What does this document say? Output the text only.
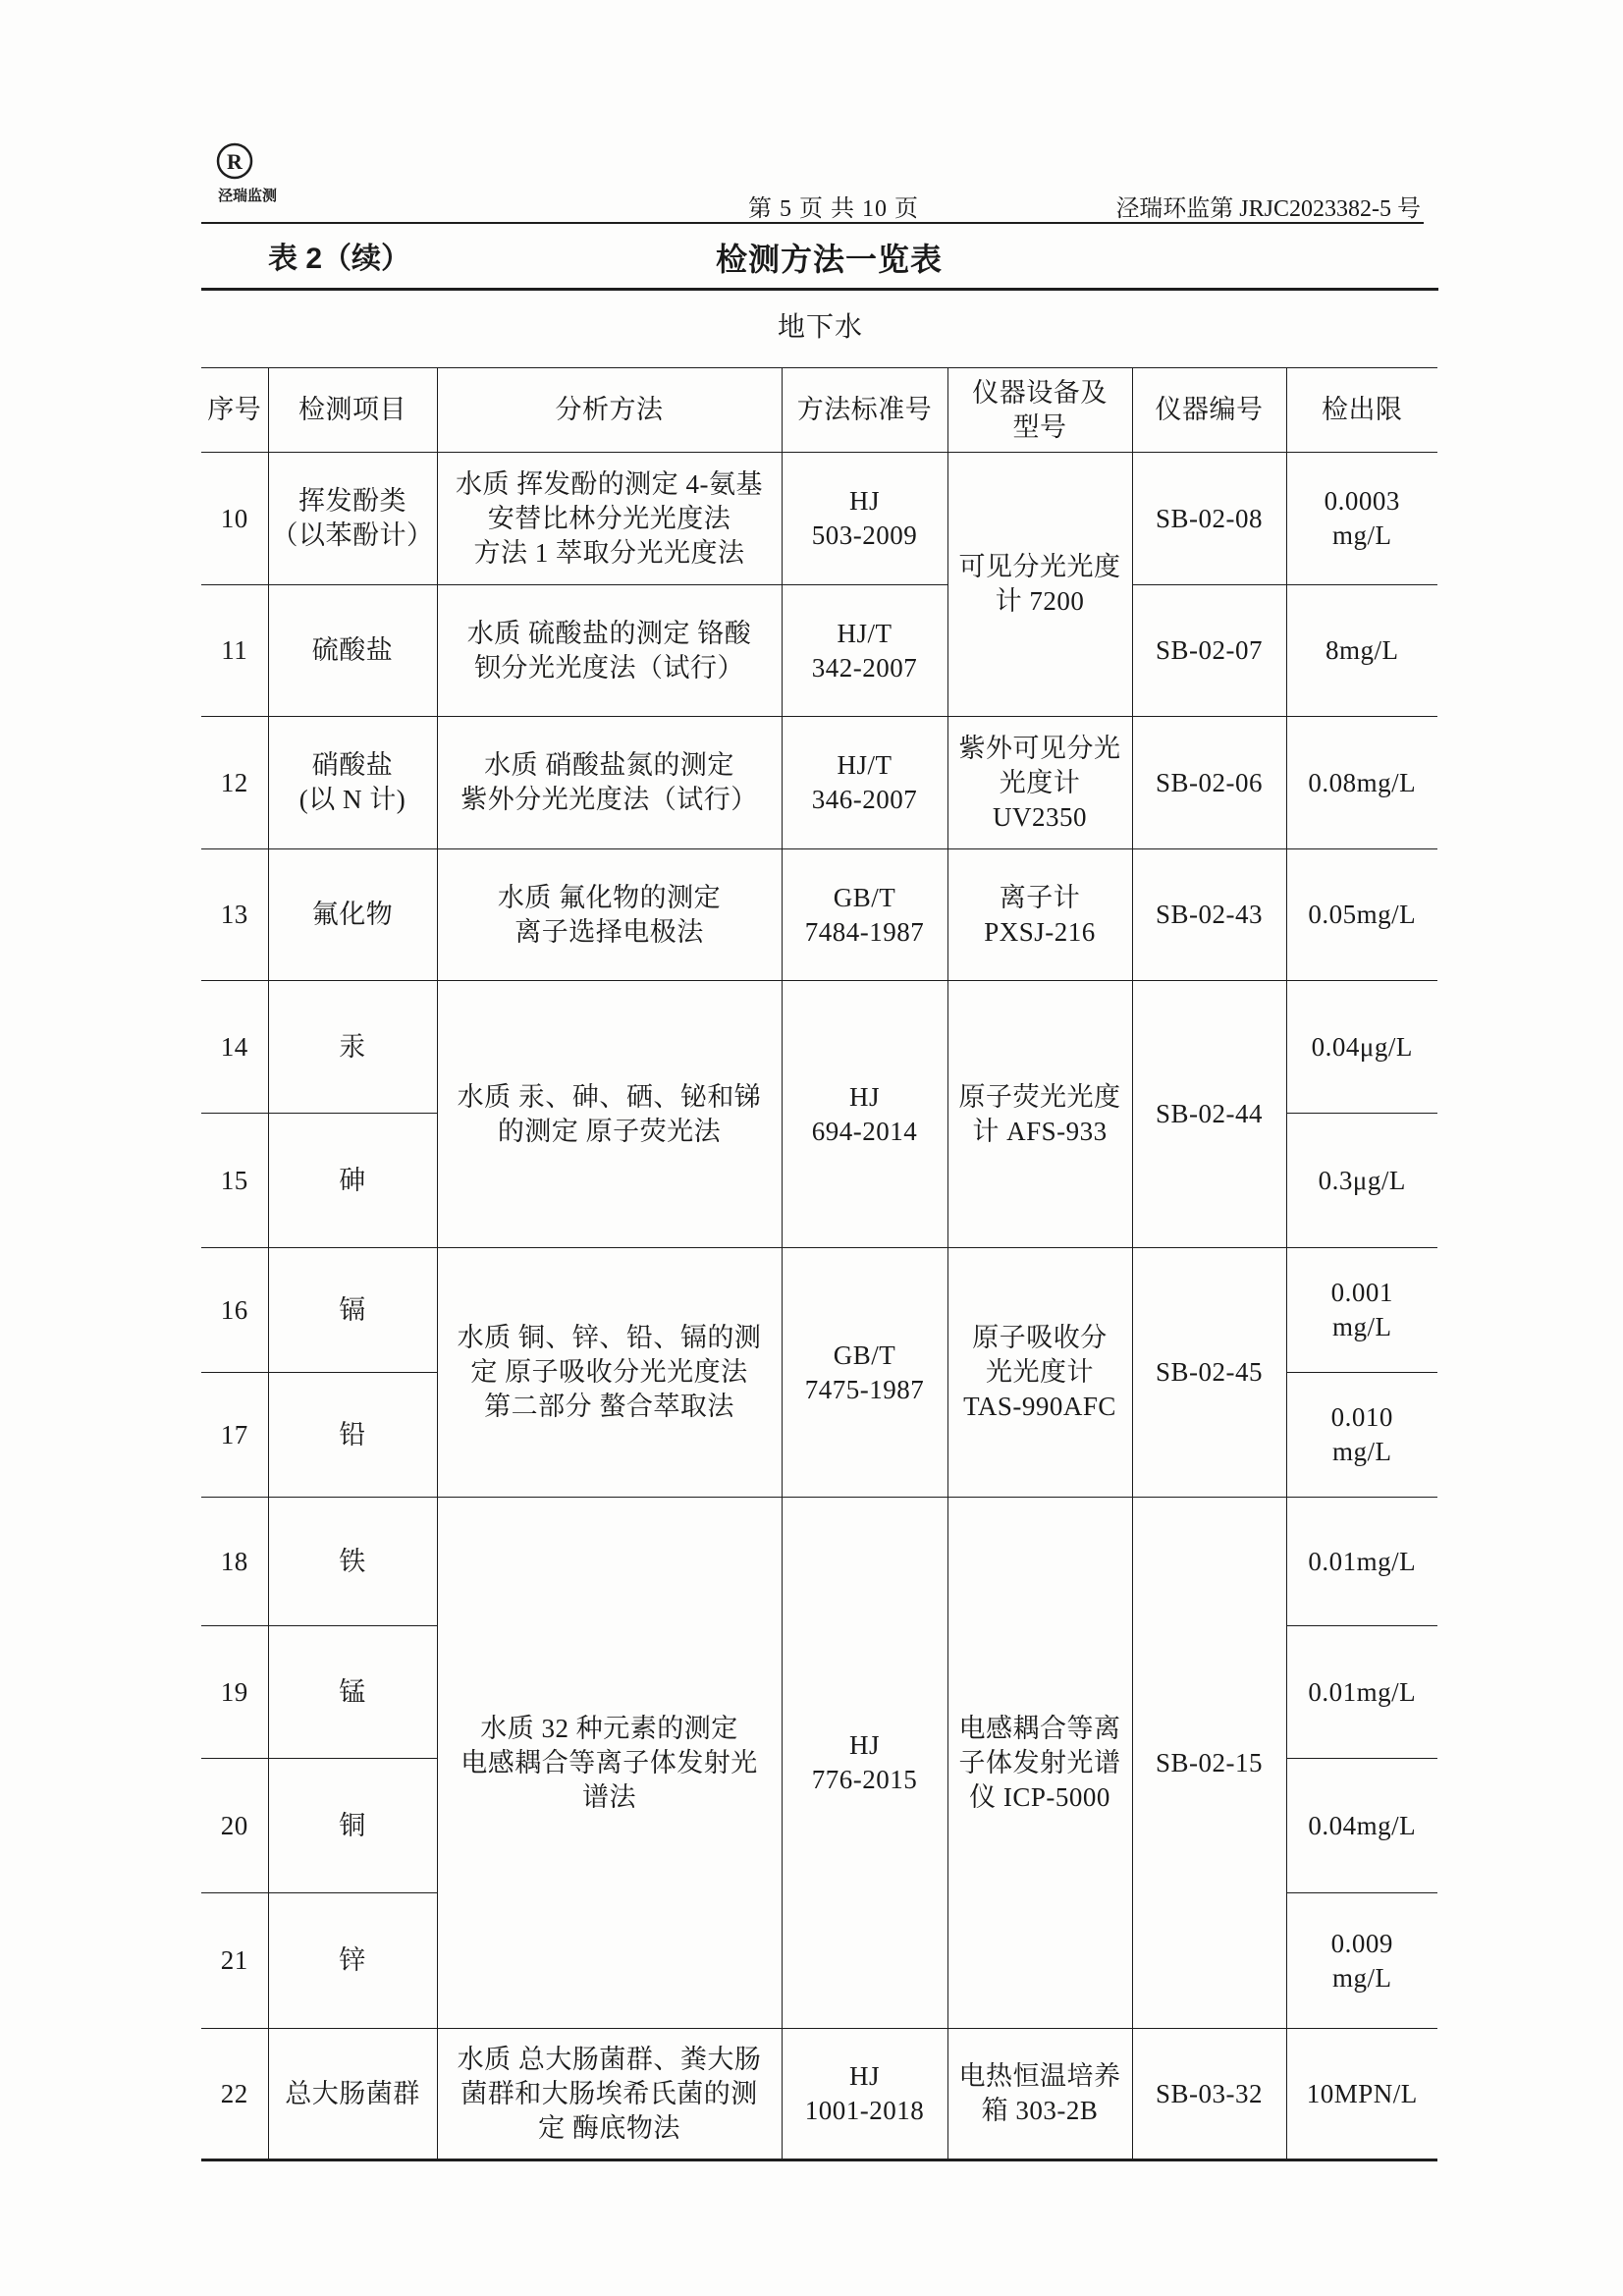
R
泾瑞监测
第 5 页 共 10 页	泾瑞环监第 JRJC2023382-5 号
表 2（续）	检测方法一览表
地下水
序号	检测项目	分析方法	方法标准号	仪器设备及
型号	仪器编号	检出限
10	挥发酚类
（以苯酚计）	水质 挥发酚的测定 4-氨基
安替比林分光光度法
方法 1 萃取分光光度法	HJ
503-2009	可见分光光度
计 7200	SB-02-08	0.0003
mg/L
11	硫酸盐	水质 硫酸盐的测定 铬酸
钡分光光度法（试行）	HJ/T
342-2007		SB-02-07	8mg/L
12	硝酸盐
(以 N 计)	水质 硝酸盐氮的测定
紫外分光光度法（试行）	HJ/T
346-2007	紫外可见分光
光度计
UV2350	SB-02-06	0.08mg/L
13	氟化物	水质 氟化物的测定
离子选择电极法	GB/T
7484-1987	离子计
PXSJ-216	SB-02-43	0.05mg/L
14	汞	水质 汞、砷、硒、铋和锑
的测定 原子荧光法	HJ
694-2014	原子荧光光度
计 AFS-933	SB-02-44	0.04μg/L
15	砷					0.3μg/L
16	镉	水质 铜、锌、铅、镉的测
定 原子吸收分光光度法
第二部分 螯合萃取法	GB/T
7475-1987	原子吸收分
光光度计
TAS-990AFC	SB-02-45	0.001
mg/L
17	铅					0.010
mg/L
18	铁	水质 32 种元素的测定
电感耦合等离子体发射光
谱法	HJ
776-2015	电感耦合等离
子体发射光谱
仪 ICP-5000	SB-02-15	0.01mg/L
19	锰					0.01mg/L
20	铜					0.04mg/L
21	锌					0.009
mg/L
22	总大肠菌群	水质 总大肠菌群、粪大肠
菌群和大肠埃希氏菌的测
定 酶底物法	HJ
1001-2018	电热恒温培养
箱 303-2B	SB-03-32	10MPN/L
